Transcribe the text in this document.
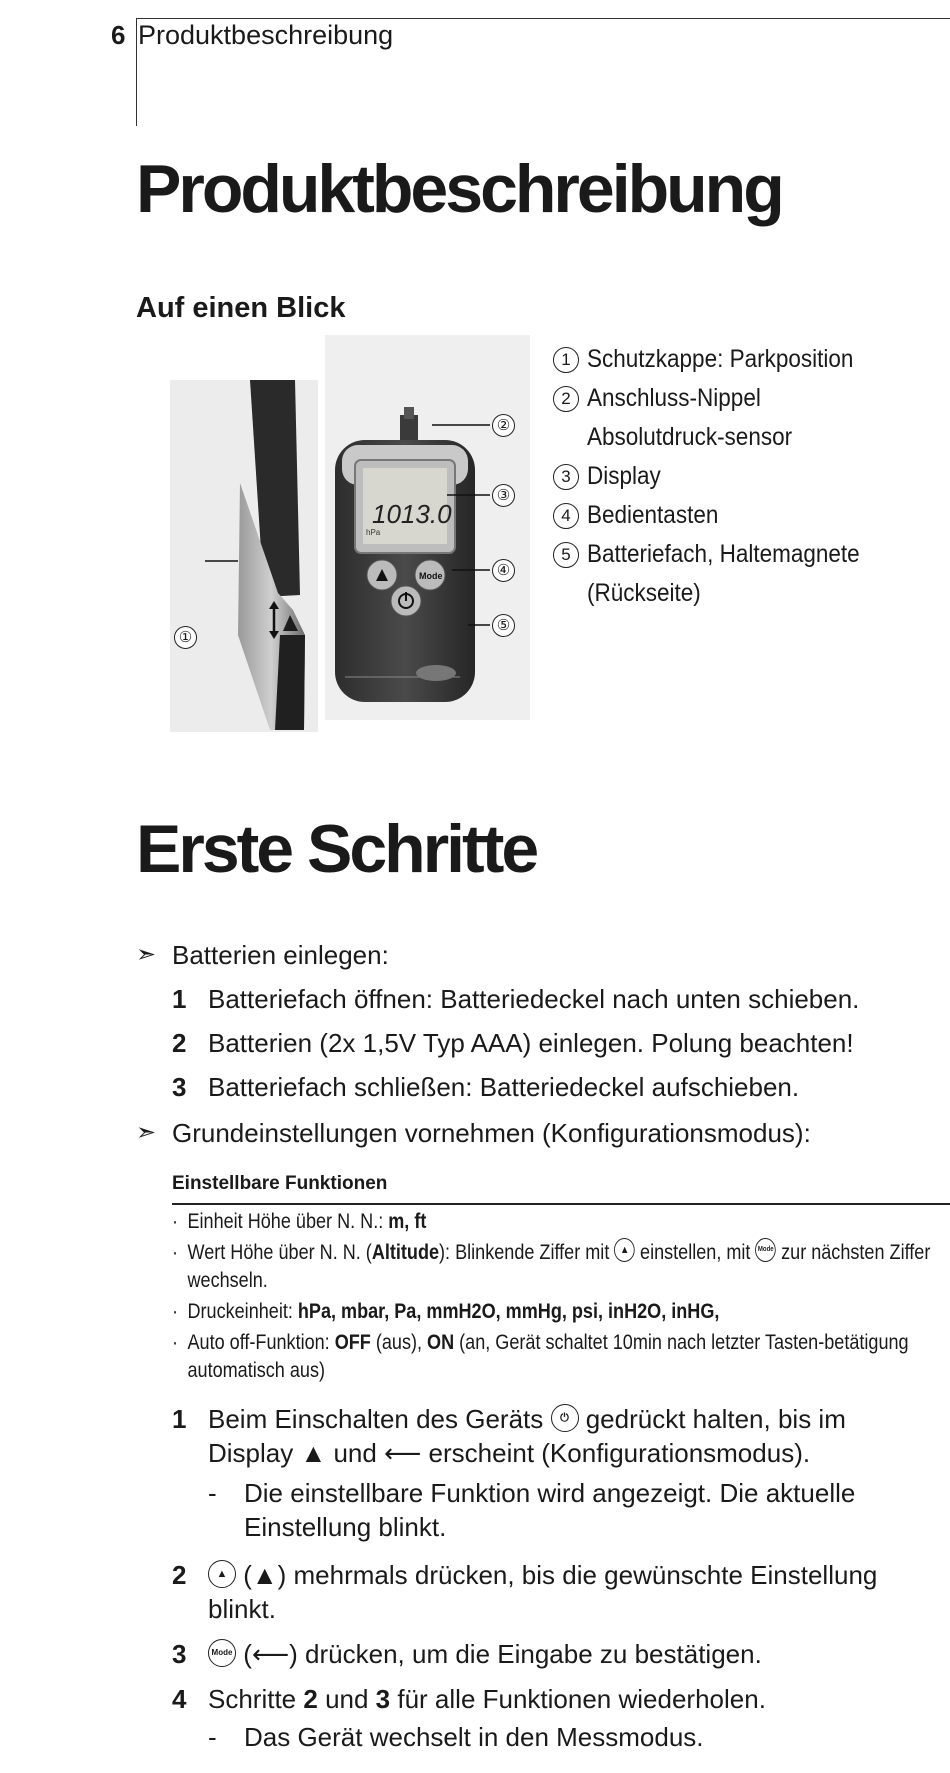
6 Produktbeschreibung
Produktbeschreibung
Auf einen Blick
1013.0
hPa
Mode
①
②
③
④
⑤
1 Schutzkappe: Parkposition
2 Anschluss-Nippel Absolutdruck-sensor
3 Display
4 Bedientasten
5 Batteriefach, Haltemagnete (Rückseite)
Erste Schritte
➣ Batterien einlegen:
1 Batteriefach öffnen: Batteriedeckel nach unten schieben.
2 Batterien (2x 1,5V Typ AAA) einlegen. Polung beachten!
3 Batteriefach schließen: Batteriedeckel aufschieben.
➣ Grundeinstellungen vornehmen (Konfigurationsmodus):
Einstellbare Funktionen
· Einheit Höhe über N. N.: m, ft
· Wert Höhe über N. N. (Altitude): Blinkende Ziffer mit ▲ einstellen, mit Mode zur nächsten Ziffer wechseln.
· Druckeinheit: hPa, mbar, Pa, mmH2O, mmHg, psi, inH2O, inHG,
· Auto off-Funktion: OFF (aus), ON (an, Gerät schaltet 10min nach letzter Tasten-betätigung automatisch aus)
1 Beim Einschalten des Geräts ⏻ gedrückt halten, bis im Display ▲ und ⟵ erscheint (Konfigurationsmodus).
-	Die einstellbare Funktion wird angezeigt. Die aktuelle Einstellung blinkt.
2	▲ (▲) mehrmals drücken, bis die gewünschte Einstellung blinkt.
3	Mode (⟵) drücken, um die Eingabe zu bestätigen.
4 Schritte 2 und 3 für alle Funktionen wiederholen.
-	Das Gerät wechselt in den Messmodus.
